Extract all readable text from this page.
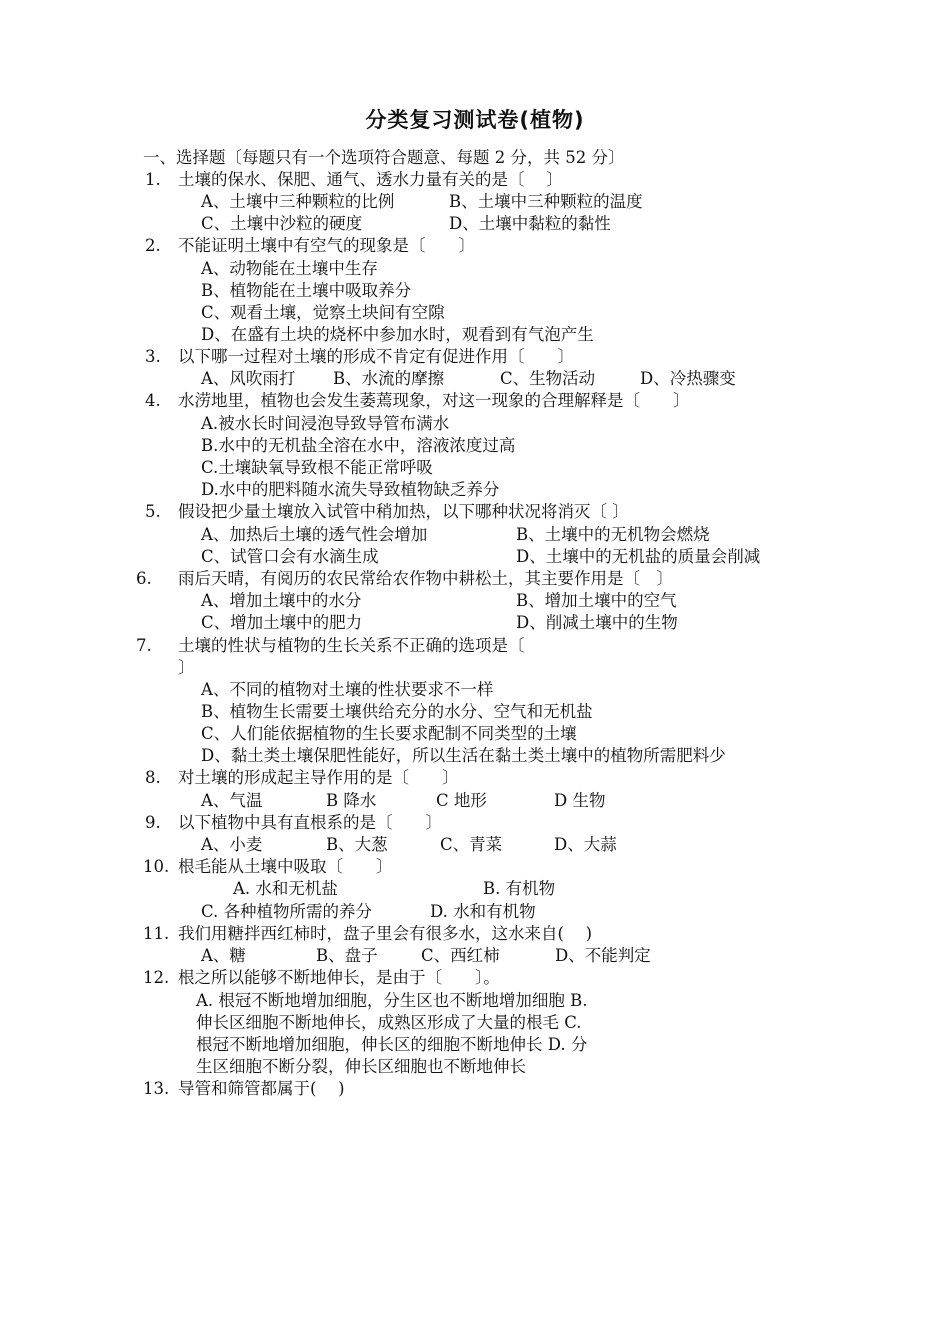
分类复习测试卷(植物)
一、选择题〔每题只有一个选项符合题意、每题 2 分，共 52 分〕
1. 土壤的保水、保肥、通气、透水力量有关的是〔　 〕
A、土壤中三种颗粒的比例	B、土壤中三种颗粒的温度
C、土壤中沙粒的硬度	D、土壤中黏粒的黏性
2. 不能证明土壤中有空气的现象是〔　　〕
A、动物能在土壤中生存
B、植物能在土壤中吸取养分
C、观看土壤，觉察土块间有空隙
D、在盛有土块的烧杯中参加水时，观看到有气泡产生
3. 以下哪一过程对土壤的形成不肯定有促进作用〔　　〕
A、风吹雨打 B、水流的摩擦	C、生物活动	D、冷热骤变
4. 水涝地里，植物也会发生萎蔫现象，对这一现象的合理解释是〔　　〕
A.被水长时间浸泡导致导管布满水
B.水中的无机盐全溶在水中，溶液浓度过高
C.土壤缺氧导致根不能正常呼吸
D.水中的肥料随水流失导致植物缺乏养分
5. 假设把少量土壤放入试管中稍加热，以下哪种状况将消灭〔 〕
A、加热后土壤的透气性会增加	B、土壤中的无机物会燃烧
C、试管口会有水滴生成	D、土壤中的无机盐的质量会削减
6. 雨后天晴，有阅历的农民常给农作物中耕松土，其主要作用是〔　〕
A、增加土壤中的水分	B、增加土壤中的空气
C、增加土壤中的肥力	D、削减土壤中的生物
7. 土壤的性状与植物的生长关系不正确的选项是〔
〕
A、不同的植物对土壤的性状要求不一样
B、植物生长需要土壤供给充分的水分、空气和无机盐
C、人们能依据植物的生长要求配制不同类型的土壤
D、黏土类土壤保肥性能好，所以生活在黏土类土壤中的植物所需肥料少
8. 对土壤的形成起主导作用的是〔　　〕
A、气温	B 降水	C 地形	D 生物
9. 以下植物中具有直根系的是〔　　〕
A、小麦	B、大葱	C、青菜	D、大蒜
10. 根毛能从土壤中吸取〔　　〕
A. 水和无机盐	B. 有机物
C. 各种植物所需的养分	D. 水和有机物
11. 我们用糖拌西红柿时，盘子里会有很多水，这水来自(　 )
A、糖	B、盘子	C、西红柿	D、不能判定
12. 根之所以能够不断地伸长，是由于〔　　〕。
A. 根冠不断地增加细胞，分生区也不断地增加细胞 B.
伸长区细胞不断地伸长，成熟区形成了大量的根毛 C.
根冠不断地增加细胞，伸长区的细胞不断地伸长 D. 分
生区细胞不断分裂，伸长区细胞也不断地伸长
13. 导管和筛管都属于(　 )
